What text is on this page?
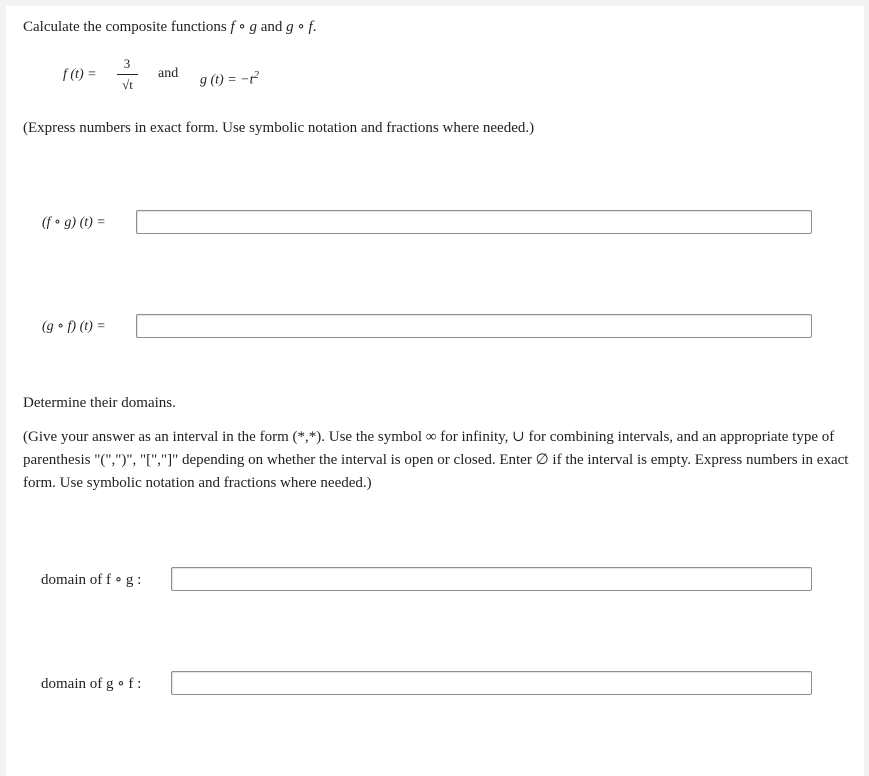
Calculate the composite functions f ∘ g and g ∘ f.
f (t) =
3
√t
and g $(t) = -t^2$
(Express numbers in exact form. Use symbolic notation and fractions where needed.)
(f ∘ g) (t) =
(g ∘ f) (t) =
Determine their domains.
(Give your answer as an interval in the form (*,*). Use the symbol ∞ for infinity, ∪ for combining intervals, and an appropriate type of parenthesis "(",")", "[","]" depending on whether the interval is open or closed. Enter ∅ if the interval is empty. Express numbers in exact form. Use symbolic notation and fractions where needed.)
domain of f ∘ g :
domain of g ∘ f :
